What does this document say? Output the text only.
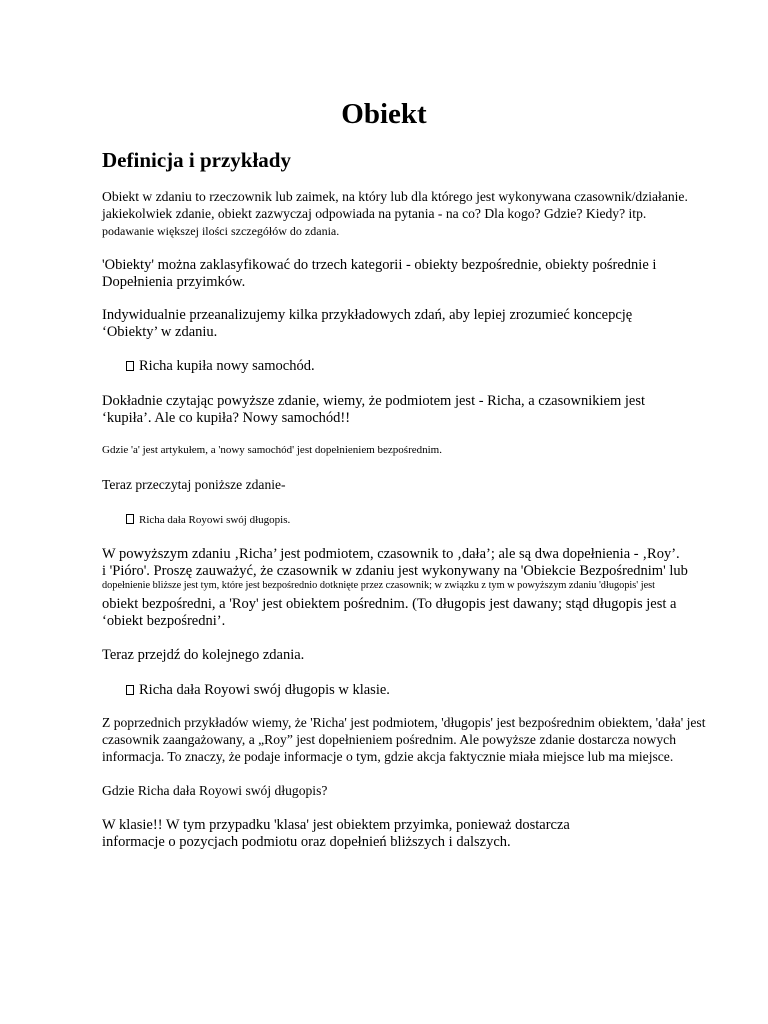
Obiekt
Definicja i przykłady
Obiekt w zdaniu to rzeczownik lub zaimek, na który lub dla którego jest wykonywana czasownik/działanie.
jakiekolwiek zdanie, obiekt zazwyczaj odpowiada na pytania - na co? Dla kogo? Gdzie? Kiedy? itp.
podawanie większej ilości szczegółów do zdania.
'Obiekty' można zaklasyfikować do trzech kategorii - obiekty bezpośrednie, obiekty pośrednie i
Dopełnienia przyimków.
Indywidualnie przeanalizujemy kilka przykładowych zdań, aby lepiej zrozumieć koncepcję
‘Obiekty’ w zdaniu.
Richa kupiła nowy samochód.
Dokładnie czytając powyższe zdanie, wiemy, że podmiotem jest - Richa, a czasownikiem jest
‘kupiła’. Ale co kupiła? Nowy samochód!!
Gdzie 'a' jest artykułem, a 'nowy samochód' jest dopełnieniem bezpośrednim.
Teraz przeczytaj poniższe zdanie-
Richa dała Royowi swój długopis.
W powyższym zdaniu ‚Richa’ jest podmiotem, czasownik to ‚dała’; ale są dwa dopełnienia - ‚Roy’.
i 'Pióro'. Proszę zauważyć, że czasownik w zdaniu jest wykonywany na 'Obiekcie Bezpośrednim' lub
dopełnienie bliższe jest tym, które jest bezpośrednio dotknięte przez czasownik; w związku z tym w powyższym zdaniu 'długopis' jest
obiekt bezpośredni, a 'Roy' jest obiektem pośrednim. (To długopis jest dawany; stąd długopis jest a
‘obiekt bezpośredni’.
Teraz przejdź do kolejnego zdania.
Richa dała Royowi swój długopis w klasie.
Z poprzednich przykładów wiemy, że 'Richa' jest podmiotem, 'długopis' jest bezpośrednim obiektem, 'dała' jest
czasownik zaangażowany, a „Roy” jest dopełnieniem pośrednim. Ale powyższe zdanie dostarcza nowych
informacja. To znaczy, że podaje informacje o tym, gdzie akcja faktycznie miała miejsce lub ma miejsce.
Gdzie Richa dała Royowi swój długopis?
W klasie!! W tym przypadku 'klasa' jest obiektem przyimka, ponieważ dostarcza
informacje o pozycjach podmiotu oraz dopełnień bliższych i dalszych.
